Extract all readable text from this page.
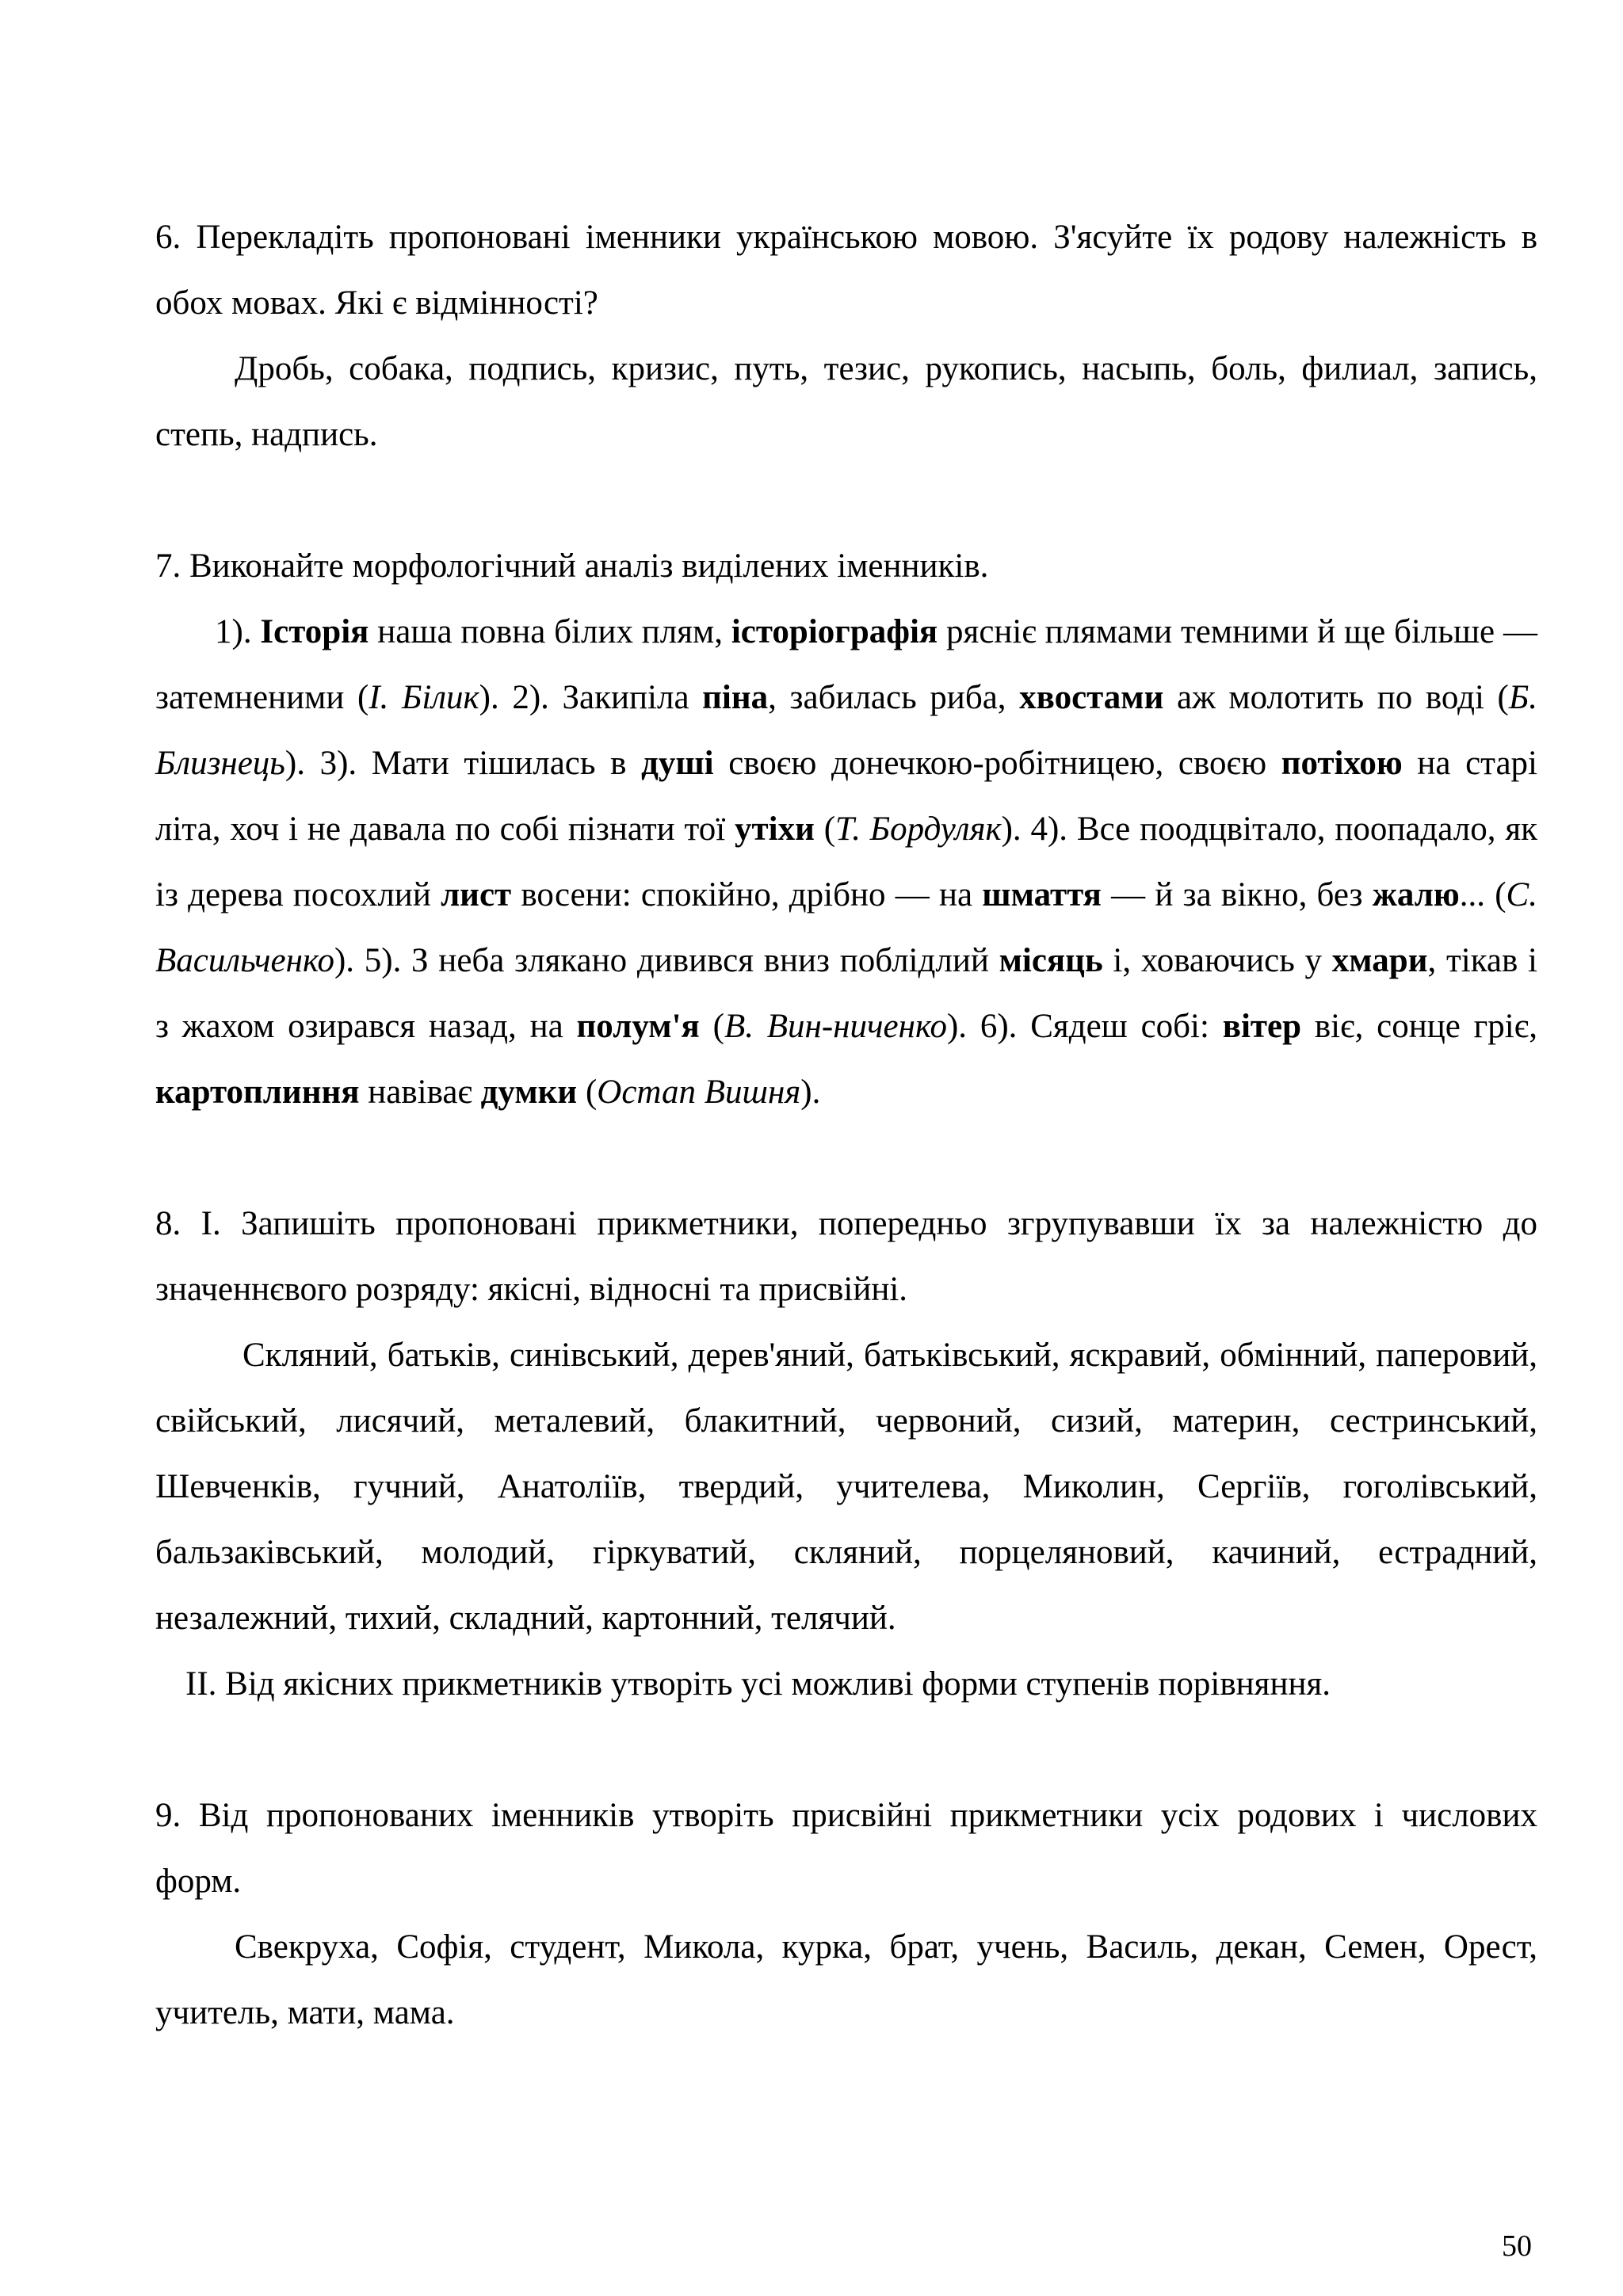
6. Перекладіть пропоновані іменники українською мовою. З'ясуйте їх родову належність в обох мовах. Які є відмінності?

Дробь, собака, подпись, кризис, путь, тезис, рукопись, насыпь, боль, филиал, запись, степь, надпись.

7. Виконайте морфологічний аналіз виділених іменників.

1). Історія наша повна білих плям, історіографія рясніє плямами темними й ще більше — затемненими (І. Білик). 2). Закипіла піна, забилась риба, хвостами аж молотить по воді (Б. Близнець). 3). Мати тішилась в душі своєю донечкою-робітницею, своєю потіхою на старі літа, хоч і не давала по собі пізнати тої утіхи (Т. Бордуляк). 4). Все поодцвітало, поопадало, як із дерева посохлий лист восени: спокійно, дрібно — на шмаття — й за вікно, без жалю... (С. Васильченко). 5). З неба злякано дивився вниз поблідлий місяць і, ховаючись у хмари, тікав і з жахом озирався назад, на полум'я (В. Вин-ниченко). 6). Сядеш собі: вітер віє, сонце гріє, картоплиння навіває думки (Остап Вишня).

8. І. Запишіть пропоновані прикметники, попередньо згрупувавши їх за належністю до значеннєвого розряду: якісні, відносні та присвійні.

Скляний, батьків, синівський, дерев'яний, батьківський, яскравий, обмінний, паперовий, свійський, лисячий, металевий, блакитний, червоний, сизий, материн, сестринський, Шевченків, гучний, Анатоліїв, твердий, учителева, Миколин, Сергіїв, гоголівський, бальзаківський, молодий, гіркуватий, скляний, порцеляновий, качиний, естрадний, незалежний, тихий, складний, картонний, телячий.

ІІ. Від якісних прикметників утворіть усі можливі форми ступенів порівняння.

9. Від пропонованих іменників утворіть присвійні прикметники усіх родових і числових форм.

Свекруха, Софія, студент, Микола, курка, брат, учень, Василь, декан, Семен, Орест, учитель, мати, мама.

50
